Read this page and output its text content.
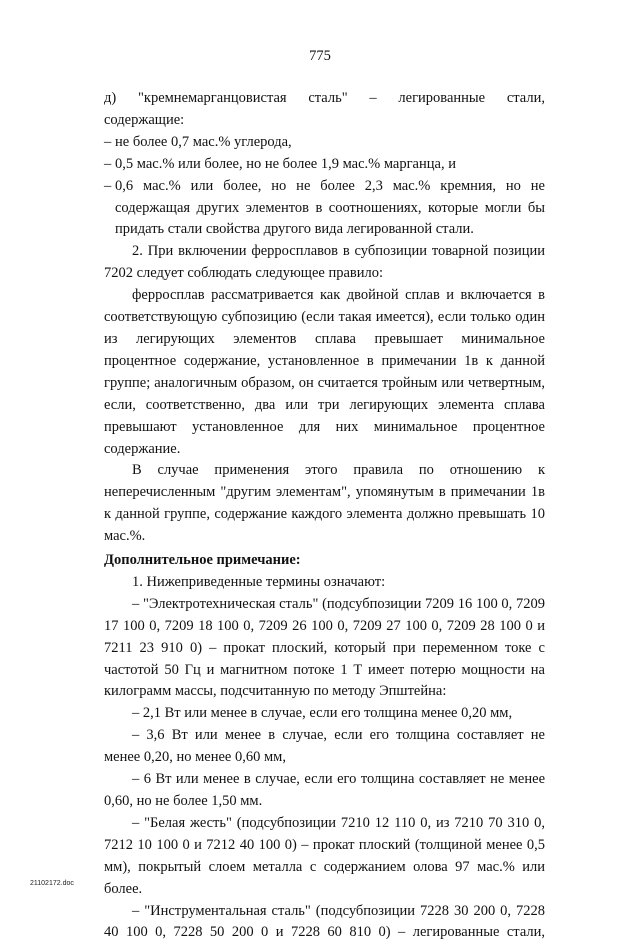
775

д) "кремнемарганцовистая сталь" – легированные стали,

содержащие:

– не более 0,7 мас.% углерода,
– 0,5 мас.% или более, но не более 1,9 мас.% марганца, и
– 0,6 мас.% или более, но не более 2,3 мас.% кремния, но не содержащая других элементов в соотношениях, которые могли бы придать стали свойства другого вида легированной стали.

2. При включении ферросплавов в субпозиции товарной позиции 7202 следует соблюдать следующее правило:

ферросплав рассматривается как двойной сплав и включается в соответствующую субпозицию (если такая имеется), если только один из легирующих элементов сплава превышает минимальное процентное содержание, установленное в примечании 1в к данной группе; аналогичным образом, он считается тройным или четвертным, если, соответственно, два или три легирующих элемента сплава превышают установленное для них минимальное процентное содержание.

В случае применения этого правила по отношению к неперечисленным "другим элементам", упомянутым в примечании 1в к данной группе, содержание каждого элемента должно превышать 10 мас.%.

Дополнительное примечание:

1. Нижеприведенные термины означают:

– "Электротехническая сталь" (подсубпозиции 7209 16 100 0, 7209 17 100 0, 7209 18 100 0, 7209 26 100 0, 7209 27 100 0, 7209 28 100 0 и 7211 23 910 0) – прокат плоский, который при переменном токе с частотой 50 Гц и магнитном потоке 1 Т имеет потерю мощности на килограмм массы, подсчитанную по методу Эпштейна:

– 2,1 Вт или менее в случае, если его толщина менее 0,20 мм,

– 3,6 Вт или менее в случае, если его толщина составляет не менее 0,20, но менее 0,60 мм,

– 6 Вт или менее в случае, если его толщина составляет не менее 0,60, но не более 1,50 мм.

– "Белая жесть" (подсубпозиции 7210 12 110 0, из 7210 70 310 0, 7212 10 100 0 и 7212 40 100 0) – прокат плоский (толщиной менее 0,5 мм), покрытый слоем металла с содержанием олова 97 мас.% или более.

– "Инструментальная сталь" (подсубпозиции 7228 30 200 0, 7228 40 100 0, 7228 50 200 0 и 7228 60 810 0) – легированные стали,

21102172.doc
